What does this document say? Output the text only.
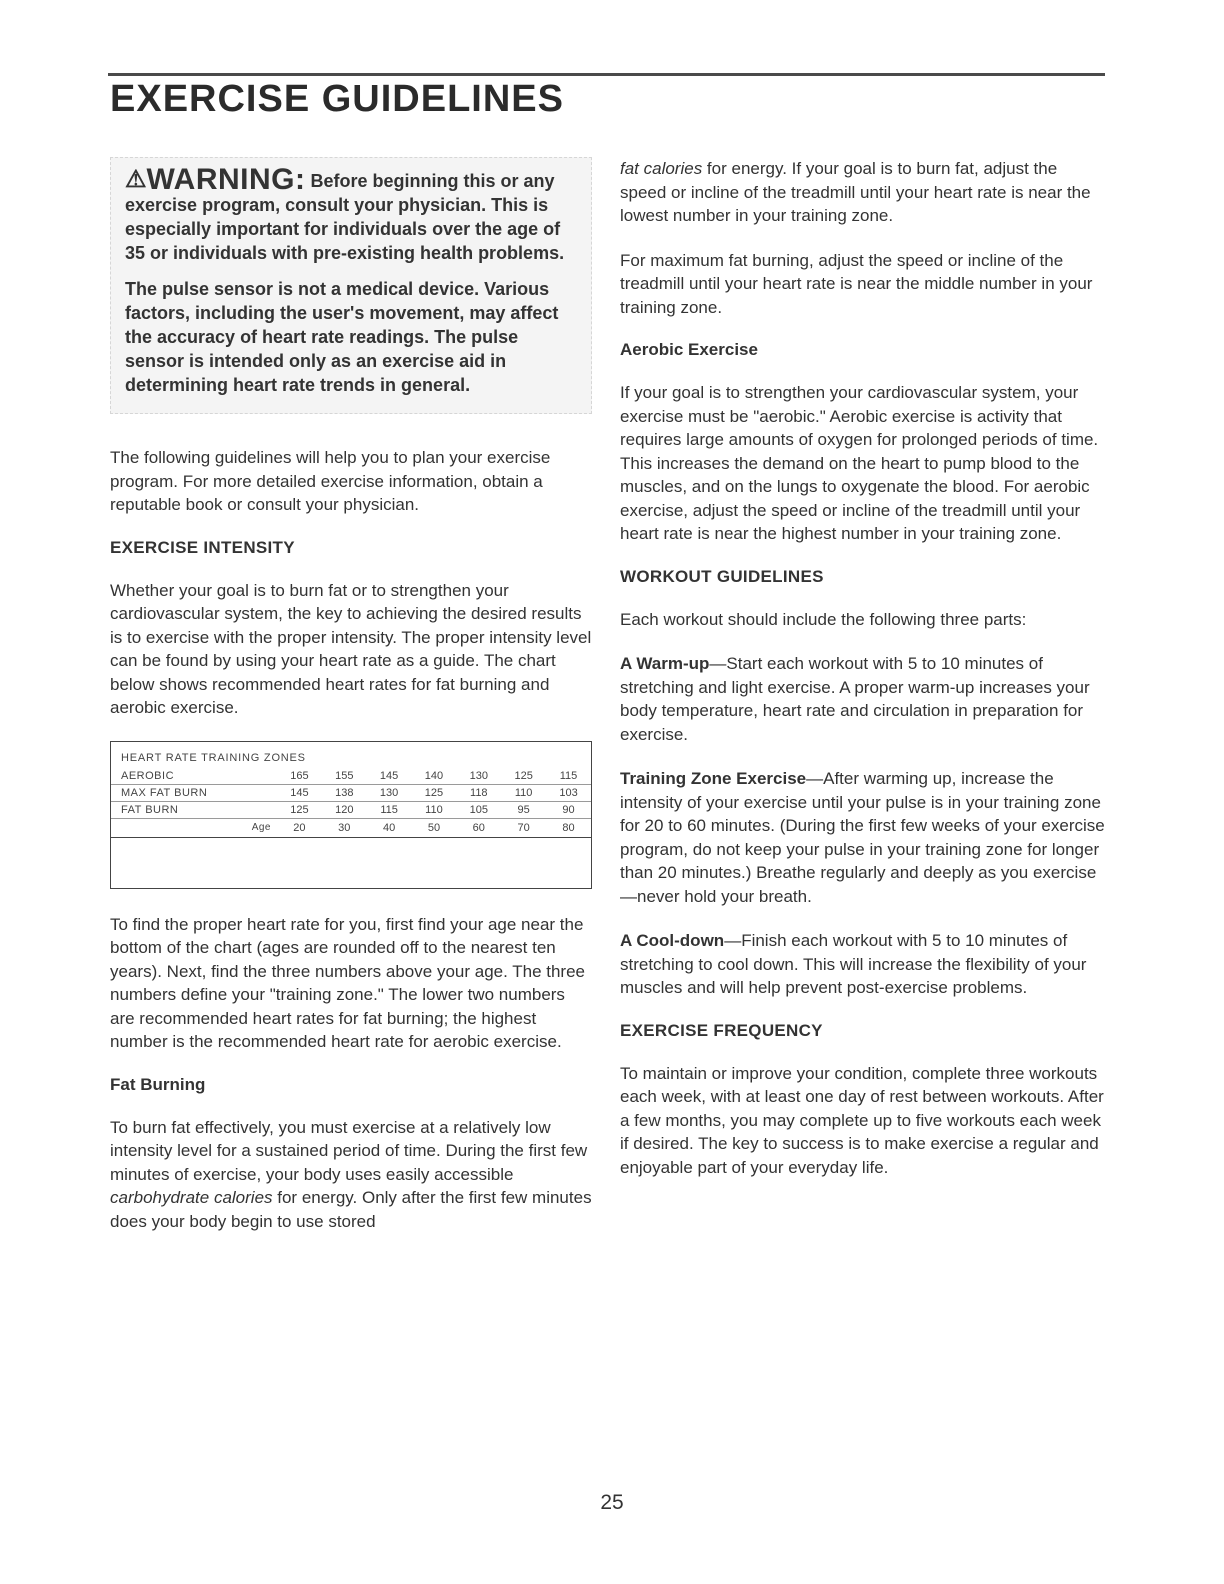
EXERCISE GUIDELINES

⚠WARNING: Before beginning this or any exercise program, consult your physician. This is especially important for individuals over the age of 35 or individuals with pre-existing health problems.

The pulse sensor is not a medical device. Various factors, including the user's movement, may affect the accuracy of heart rate readings. The pulse sensor is intended only as an exercise aid in determining heart rate trends in general.

The following guidelines will help you to plan your exercise program. For more detailed exercise information, obtain a reputable book or consult your physician.

EXERCISE INTENSITY

Whether your goal is to burn fat or to strengthen your cardiovascular system, the key to achieving the desired results is to exercise with the proper intensity. The proper intensity level can be found by using your heart rate as a guide. The chart below shows recommended heart rates for fat burning and aerobic exercise.

HEART RATE TRAINING ZONES
AEROBIC	165	155	145	140	130	125	115
MAX FAT BURN	145	138	130	125	118	110	103
FAT BURN	125	120	115	110	105	95	90
Age	20	30	40	50	60	70	80

To find the proper heart rate for you, first find your age near the bottom of the chart (ages are rounded off to the nearest ten years). Next, find the three numbers above your age. The three numbers define your "training zone." The lower two numbers are recommended heart rates for fat burning; the highest number is the recommended heart rate for aerobic exercise.

Fat Burning

To burn fat effectively, you must exercise at a relatively low intensity level for a sustained period of time. During the first few minutes of exercise, your body uses easily accessible carbohydrate calories for energy. Only after the first few minutes does your body begin to use stored

fat calories for energy. If your goal is to burn fat, adjust the speed or incline of the treadmill until your heart rate is near the lowest number in your training zone.

For maximum fat burning, adjust the speed or incline of the treadmill until your heart rate is near the middle number in your training zone.

Aerobic Exercise

If your goal is to strengthen your cardiovascular system, your exercise must be "aerobic." Aerobic exercise is activity that requires large amounts of oxygen for prolonged periods of time. This increases the demand on the heart to pump blood to the muscles, and on the lungs to oxygenate the blood. For aerobic exercise, adjust the speed or incline of the treadmill until your heart rate is near the highest number in your training zone.

WORKOUT GUIDELINES

Each workout should include the following three parts:

A Warm-up—Start each workout with 5 to 10 minutes of stretching and light exercise. A proper warm-up increases your body temperature, heart rate and circulation in preparation for exercise.

Training Zone Exercise—After warming up, increase the intensity of your exercise until your pulse is in your training zone for 20 to 60 minutes. (During the first few weeks of your exercise program, do not keep your pulse in your training zone for longer than 20 minutes.) Breathe regularly and deeply as you exercise—never hold your breath.

A Cool-down—Finish each workout with 5 to 10 minutes of stretching to cool down. This will increase the flexibility of your muscles and will help prevent post-exercise problems.

EXERCISE FREQUENCY

To maintain or improve your condition, complete three workouts each week, with at least one day of rest between workouts. After a few months, you may complete up to five workouts each week if desired. The key to success is to make exercise a regular and enjoyable part of your everyday life.

25
